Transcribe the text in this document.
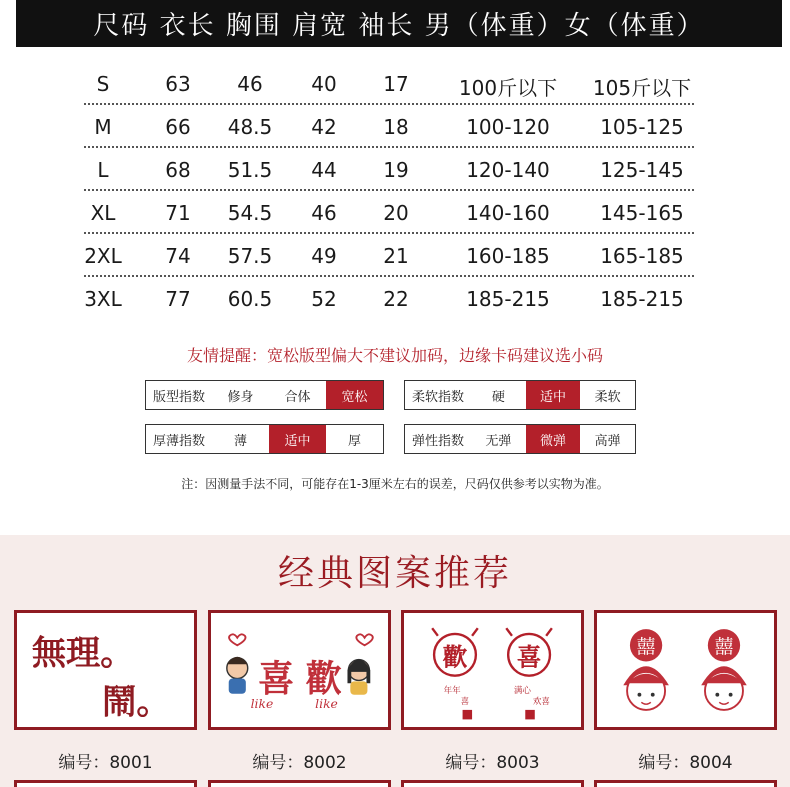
尺码 衣长 胸围 肩宽 袖长 男（体重）女（体重）
S	63 46 40 17	100斤以下 105斤以下
M	66 48.5 42 18	100-120	105-125
L	68 51.5 44 19	120-140	125-145
XL 71 54.5 46 20	140-160	145-165
2XL 74 57.5 49 21	160-185	165-185
3XL 77 60.5 52 22	185-215	185-215
友情提醒：宽松版型偏大不建议加码，边缘卡码建议选小码
版型指数	修身	合体	宽松	柔软指数	硬	适中	柔软
厚薄指数	薄	适中	厚	弹性指数	无弹	微弹	高弹
注：因测量手法不同，可能存在1-3厘米左右的误差，尺码仅供参考以实物为准。
经典图案推荐
無理。
鬧。
编号：8001
喜 歡
like	like
编号：8002
歡 喜
年年
喜
满心
欢喜
编号：8003
囍	囍
编号：8004
